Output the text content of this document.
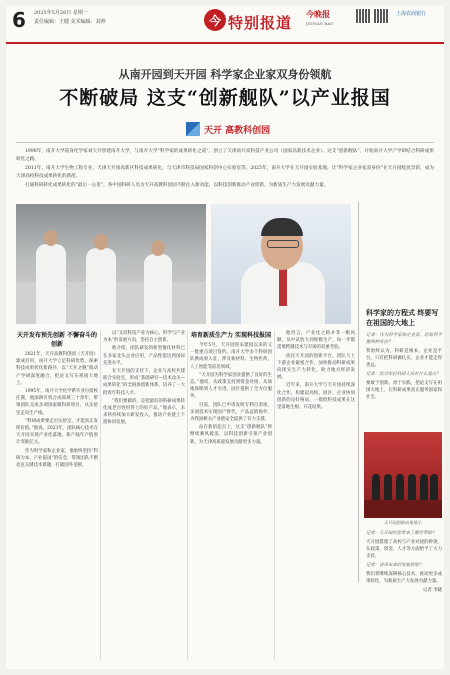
6 2025年5月26日 星期一
责任编辑：王健 美术编辑：刘帅	今 特别报道 今晚报
JINWAN BAO
上海农商银行
从南开园到天开园 科学家企业家双身份领航
不断破局 这支“创新舰队”以产业报国
天开 高教科创园

1998年，南开大学前身化学家刘天开创建南开大学，与南开大学“科学家的成果转化之道”，创立了天津南开高科技产业公司（国家高新技术企业）。这支“创新舰队”，开始南开大学产学研结合科研成果转化之路。

2011年，南开大学生物工程专业，天津天开园高新区科技成果转化，与天津市科技局国家科创中心实验室等。2025年，南开大学在天开园实验基地，让“科学家企业家双身份”在天开园绽放异彩，成为天津高校科技成果转化的典范。

打通科研转化成果转化的“最后一公里”，各中国科研人员为天开高教科创园不断注入新动能，以科技创新推动产业创新，为新质生产力发展贡献力量。

天开发布预先创新 不懈奋斗的创新

2021年，天开高教科创园（天开园）建成启用，南开大学立足科研优势，探索科技成果转化新路径，以“天开之舰”推动产学研深度融合，把论文写在祖国大地上。

1995年，南开大学化学系毕业后留校任教，他深耕有机合成领域三十余年，带领团队完成多项国家级科研项目，从实验室走向生产线。

“科研成果要走出实验室，才能真正发挥价值。”他说。2023年，团队核心技术在天开园实现产业化落地，新产线年产值预计突破亿元。

作为科学家和企业家，他始终坚持“科研为本、产业报国”的信念，带领团队不断攻克关键技术难题，打破国外垄断。

以“支持科技产业为核心、科学与产业为本”的发展方向，坚持自主创新。

他介绍，团队研发的新型催化材料已在多家龙头企业应用，产品性能达到国际先进水平。

在天开园的支持下，企业与高校共建联合实验室，形成“基础研究—技术攻关—成果转化”的全链条创新体系，培养了一大批青年科技人才。

“我们要做的，是把最好的科研成果转化成老百姓用得上的好产品。”他表示，未来将持续加大研发投入，推动产业链上下游协同发展。

培育新质生产力 实现科技报国

今年5月，天开园迎来建园以来的又一批重点项目签约。南开大学多个科研团队携成果入驻，涉及新材料、生物医药、人工智能等前沿领域。

“天开园为科学家创业提供了良好的生态。”他说，从政策支持到资金对接，从场地保障到人才引进，园区提供了全方位服务。

目前，团队已申请发明专利百余项，多项技术实现国产替代，产品远销海外，为我国相关产业链安全提供了有力支撑。

站在新的起点上，这支“创新舰队”将继续乘风破浪，以科技创新引领产业创新，为天津高质量发展贡献更多力量。

他坦言，产业化之路并非一帆风顺，从中试放大到规模生产，每一步都需要跨越技术与市场的双重考验。

依托天开园的创新平台，团队与上下游企业紧密合作，加快推动科研成果向现实生产力转化，助力地方经济发展。

近年来，南开大学与天开园持续深化合作，构建起高校、园区、企业协同创新的良好格局，一批批科技成果在这里落地生根、开花结果。

科学家的方程式 终要写在祖国的大地上

记者：作为科学家和企业家，您如何平衡两种身份？

我始终认为，科研是根本，企业是平台。只有把科研做扎实，企业才能走得更远。

记者：您对年轻科研人员有什么建议？

要敢于创新、勇于实践，把论文写在祖国大地上，让科研成果真正服务国家和社会。

天开园创新成果展示

记者：天开园给您带来了哪些帮助？

天开园搭建了高校与产业对接的桥梁，在政策、资金、人才等方面给予了大力支持。

记者：谈谈未来的发展规划？

我们将继续深耕核心技术，推动更多成果转化，为新质生产力发展贡献力量。

记者 李晓
